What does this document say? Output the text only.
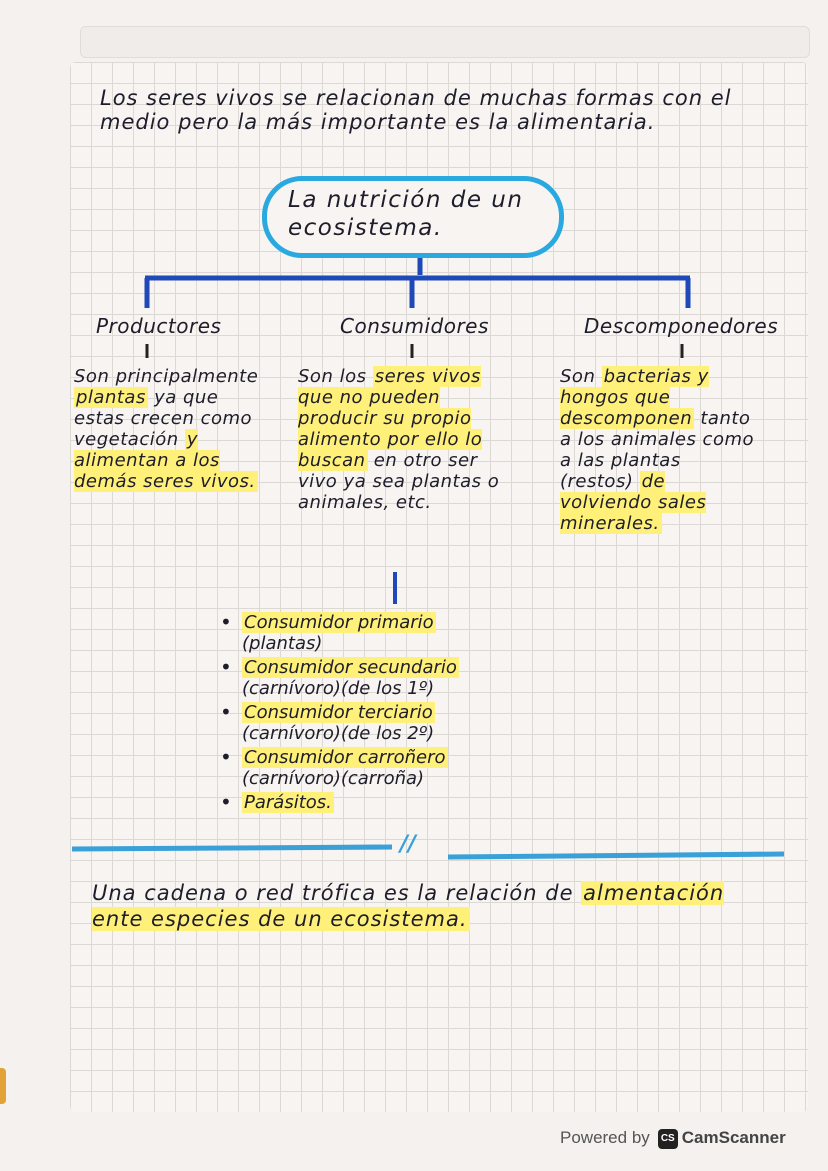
Los seres vivos se relacionan de muchas formas con el medio pero la más importante es la alimentaria.
La nutrición de un ecosistema.
Productores	Consumidores	Descomponedores
Son principalmente plantas ya que estas crecen como vegetación y alimentan a los demás seres vivos.
Son los seres vivos que no pueden producir su propio alimento por ello lo buscan en otro ser vivo ya sea plantas o animales, etc.
Son bacterias y hongos que descomponen tanto a los animales como a las plantas (restos) de volviendo sales minerales.
• Consumidor primario
(plantas)
• Consumidor secundario
(carnívoro)(de los 1º)
• Consumidor terciario
(carnívoro)(de los 2º)
• Consumidor carroñero
(carnívoro)(carroña)
• Parásitos.
//
Una cadena o red trófica es la relación de almentación ente especies de un ecosistema.
Powered by CS CamScanner
